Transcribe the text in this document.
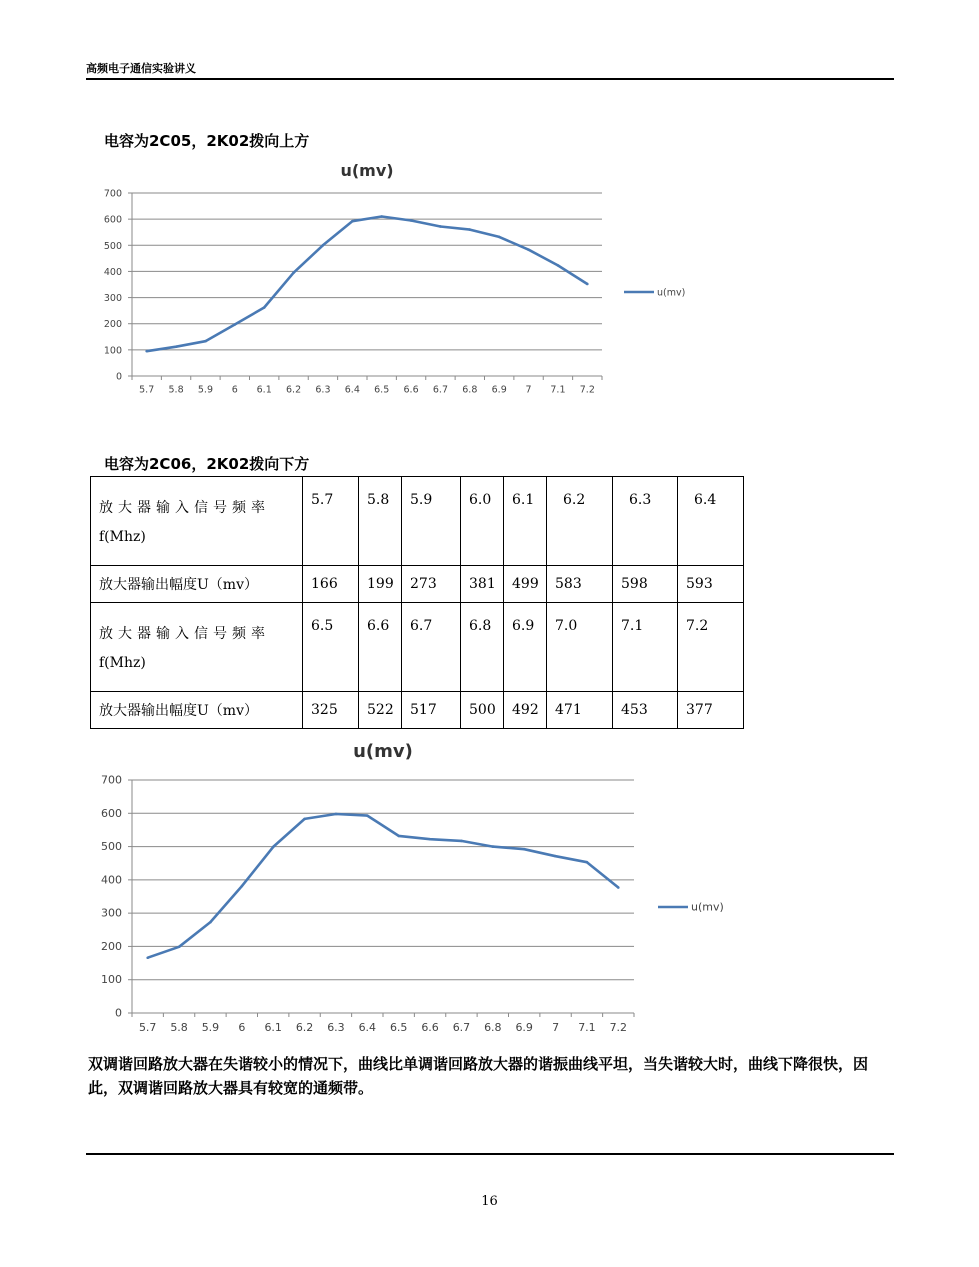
高频电子通信实验讲义
电容为2C05，2K02拨向上方
u(mv)
0
100
200
300
400
500
600
700
5.7 5.8 5.9 6 6.1 6.2 6.3 6.4 6.5 6.6 6.7 6.8 6.9 7 7.1 7.2
u(mv)
电容为2C06，2K02拨向下方
放大器输入信号频率
f(Mhz)	5.7	5.8	5.9	6.0	6.1	6.2	6.3	6.4
放大器输出幅度U（mv）	166	199	273	381	499	583	598	593

放大器输入信号频率
f(Mhz)	6.5	6.6	6.7	6.8	6.9	7.0	7.1	7.2
放大器输出幅度U（mv）	325	522	517	500	492	471	453	377
u(mv)
0
100
200
300
400
500
600
700
5.7 5.8 5.9 6 6.1 6.2 6.3 6.4 6.5 6.6 6.7 6.8 6.9 7 7.1 7.2
u(mv)
双调谐回路放大器在失谐较小的情况下，曲线比单调谐回路放大器的谐振曲线平坦，当失谐较大时，曲线下降很快，因此，双调谐回路放大器具有较宽的通频带。
16
